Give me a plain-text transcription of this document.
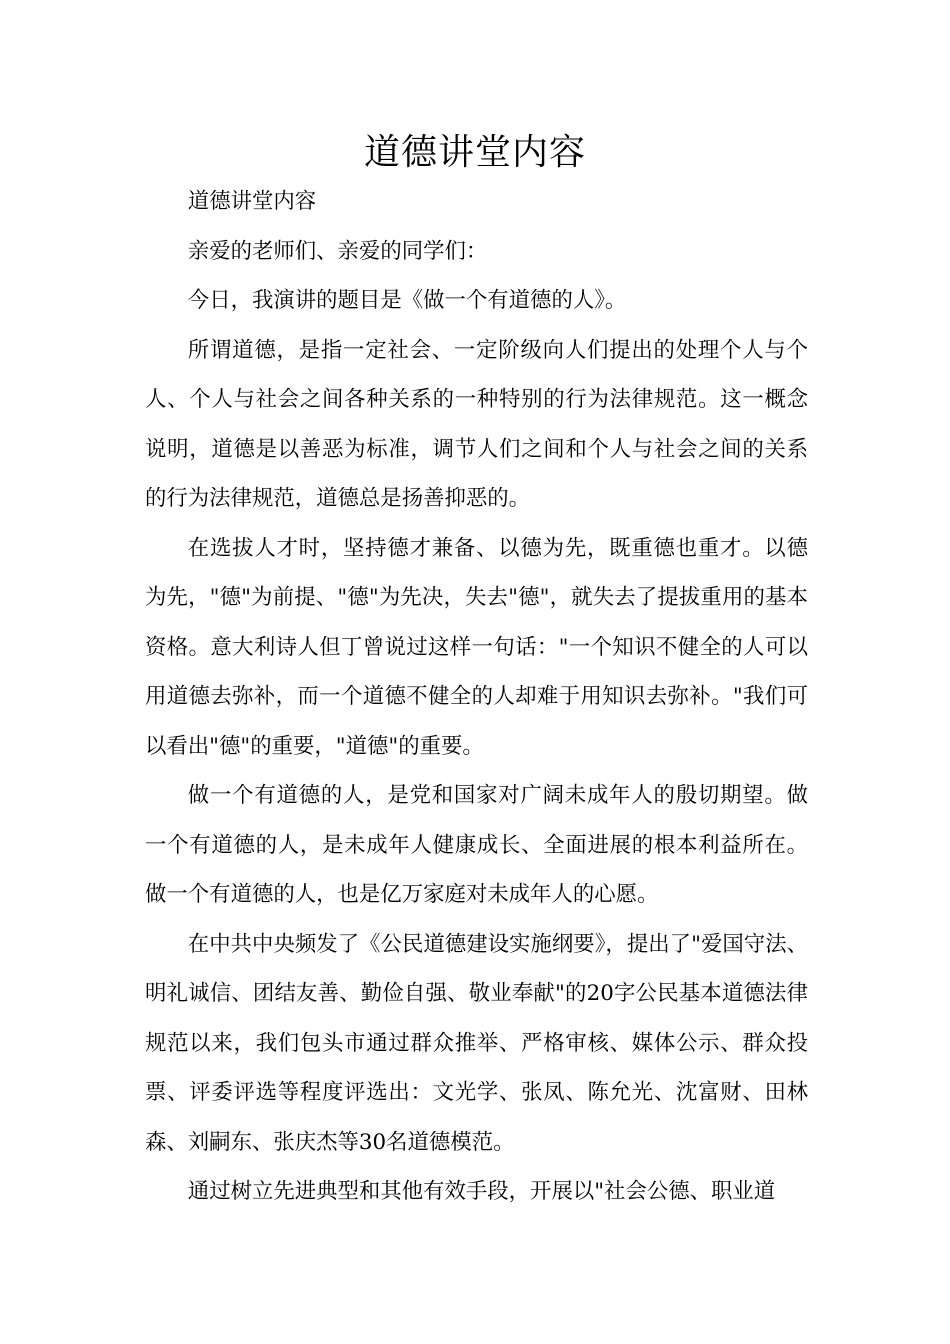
道德讲堂内容

道德讲堂内容

亲爱的老师们、亲爱的同学们：

今日，我演讲的题目是《做一个有道德的人》。

所谓道德，是指一定社会、一定阶级向人们提出的处理个人与个人、个人与社会之间各种关系的一种特别的行为法律规范。这一概念说明，道德是以善恶为标准，调节人们之间和个人与社会之间的关系的行为法律规范，道德总是扬善抑恶的。

在选拔人才时，坚持德才兼备、以德为先，既重德也重才。以德为先，"德"为前提、"德"为先决，失去"德"，就失去了提拔重用的基本资格。意大利诗人但丁曾说过这样一句话："一个知识不健全的人可以用道德去弥补，而一个道德不健全的人却难于用知识去弥补。"我们可以看出"德"的重要，"道德"的重要。

做一个有道德的人，是党和国家对广阔未成年人的殷切期望。做一个有道德的人，是未成年人健康成长、全面进展的根本利益所在。做一个有道德的人，也是亿万家庭对未成年人的心愿。

在中共中央频发了《公民道德建设实施纲要》，提出了"爱国守法、明礼诚信、团结友善、勤俭自强、敬业奉献"的20字公民基本道德法律规范以来，我们包头市通过群众推举、严格审核、媒体公示、群众投票、评委评选等程度评选出：文光学、张凤、陈允光、沈富财、田林森、刘嗣东、张庆杰等30名道德模范。

通过树立先进典型和其他有效手段，开展以"社会公德、职业道
